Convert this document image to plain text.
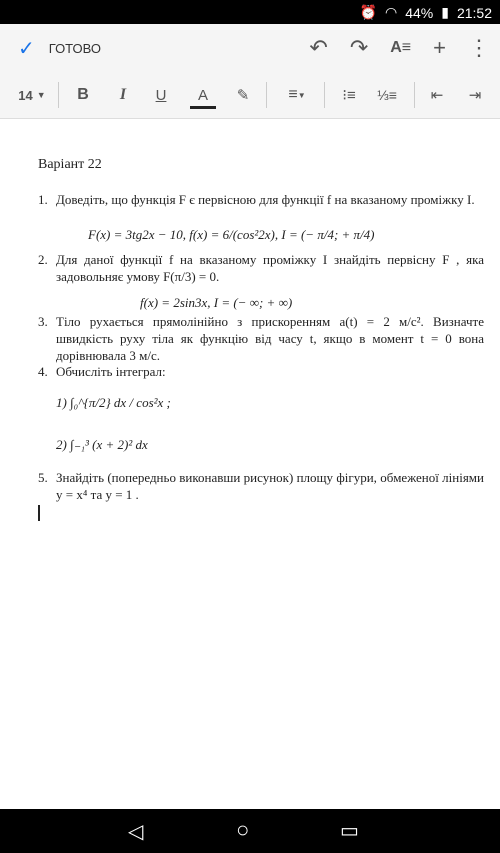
⏰ ◠ 44% ▮ 21:52
✓ ГОТОВО	↶ ↷ A≡ + ⋮
14 ▼	B	I	U	A	✎	≡ ▼	⁝≡	⅓≡	⇤	⇥
Варіант 22
1. Доведіть, що функція F є первісною для функції f на вказаному проміжку I.
F(x) = 3tg2x − 10, f(x) = 6/(cos²2x), I = (− π/4; + π/4)
2. Для даної функції f на вказаному проміжку I знайдіть первісну F , яка задовольняє умову F(π/3) = 0.
f(x) = 2sin3x, I = (− ∞; + ∞)
3. Тіло рухається прямолінійно з прискоренням a(t) = 2 м/с². Визначте швидкість руху тіла як функцію від часу t, якщо в момент t = 0 вона дорівнювала 3 м/с.
4. Обчисліть інтеграл:
1) ∫₀^{π/2} dx / cos²x ;
2) ∫₋₁³ (x + 2)² dx
5. Знайдіть (попередньо виконавши рисунок) площу фігури, обмеженої лініями y = x⁴ та y = 1 .
◁	○	▭
